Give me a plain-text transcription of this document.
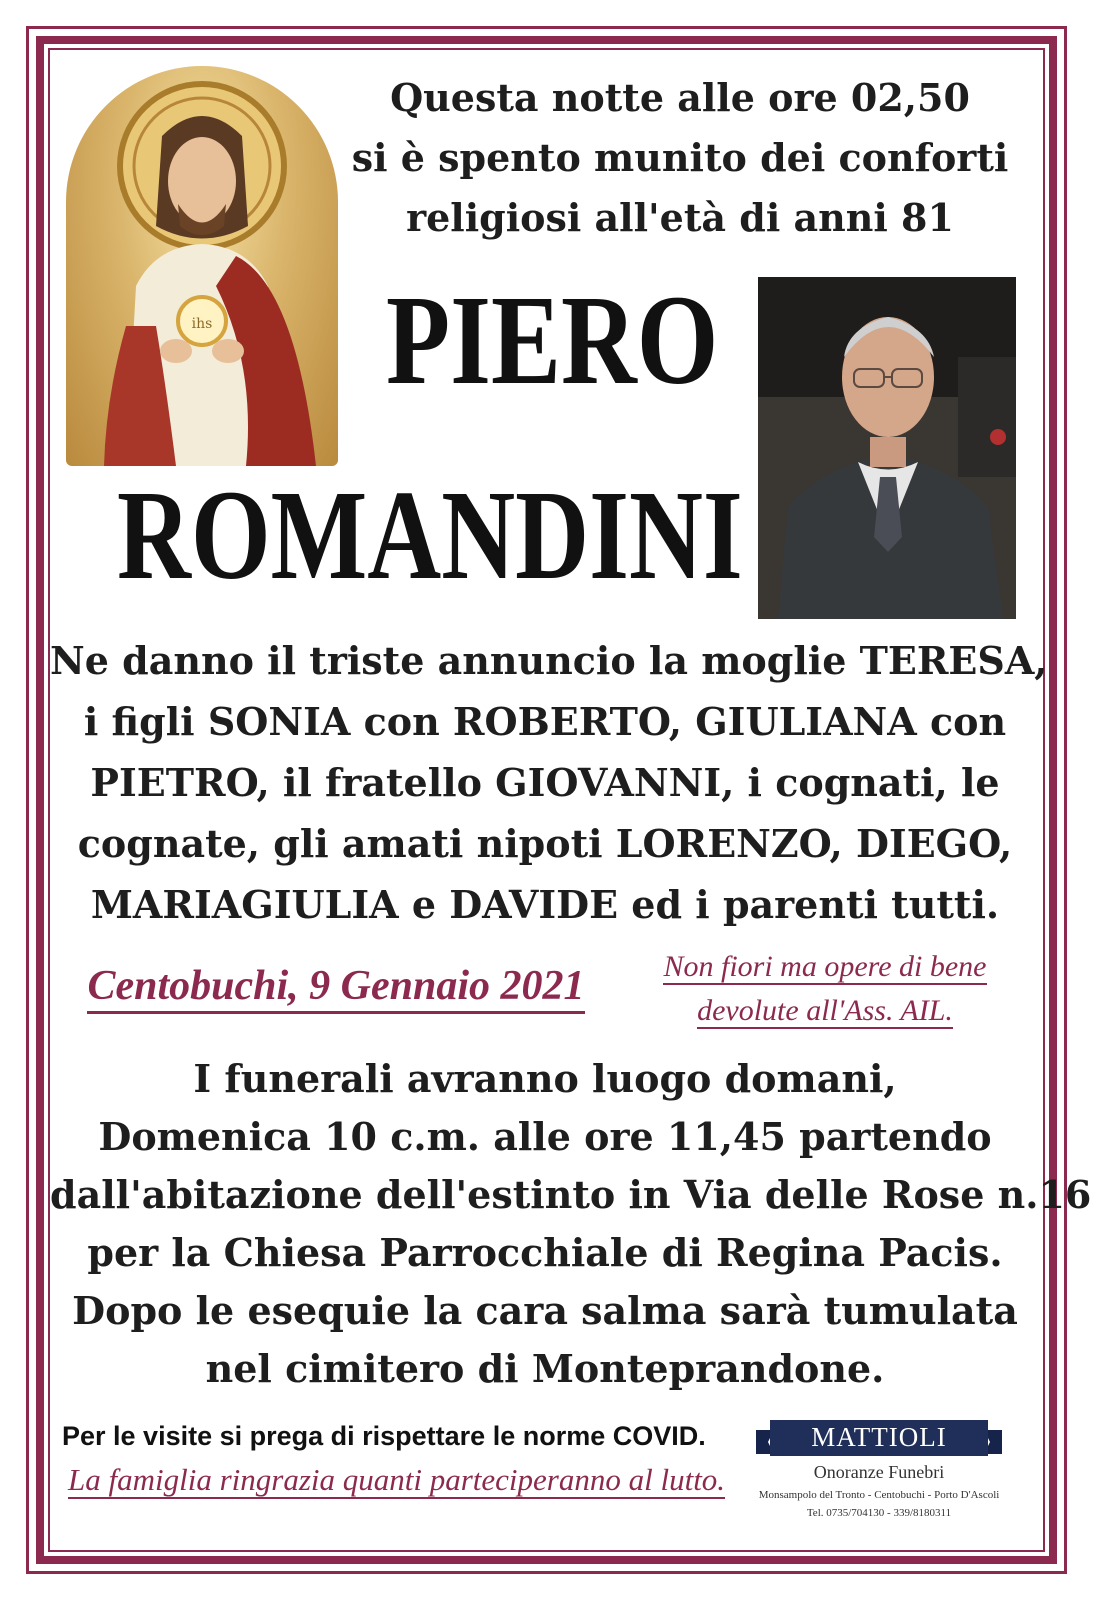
ihs
Questa notte alle ore 02,50
si è spento munito dei conforti
religiosi all'età di anni 81
PIERO
ROMANDINI
Ne danno il triste annuncio la moglie TERESA,
i figli SONIA con ROBERTO, GIULIANA con
PIETRO, il fratello GIOVANNI, i cognati, le
cognate, gli amati nipoti LORENZO, DIEGO,
MARIAGIULIA e DAVIDE ed i parenti tutti.
Centobuchi, 9 Gennaio 2021	Non fiori ma opere di bene
devolute all'Ass. AIL.
I funerali avranno luogo domani,
Domenica 10 c.m. alle ore 11,45 partendo
dall'abitazione dell'estinto in Via delle Rose n.16
per la Chiesa Parrocchiale di Regina Pacis.
Dopo le esequie la cara salma sarà tumulata
nel cimitero di Monteprandone.
Per le visite si prega di rispettare le norme COVID.
La famiglia ringrazia quanti parteciperanno al lutto.
MATTIOLI
Onoranze Funebri
Monsampolo del Tronto - Centobuchi - Porto D'Ascoli
Tel. 0735/704130 - 339/8180311
